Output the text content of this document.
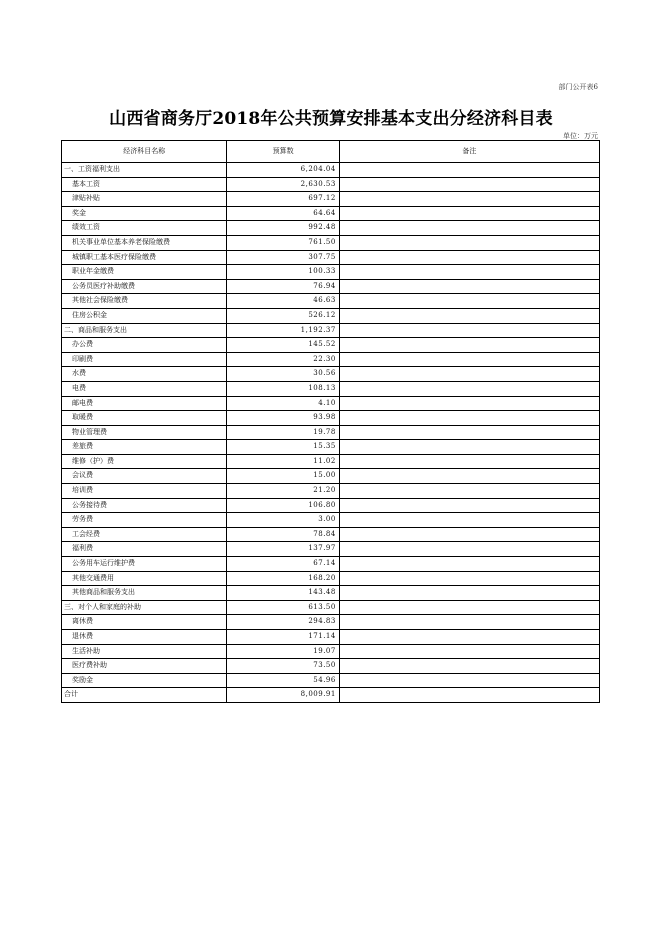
部门公开表6
山西省商务厅2018年公共预算安排基本支出分经济科目表
单位：万元
经济科目名称	预算数	备注
一、工资福利支出	6,204.04	
基本工资	2,630.53	
津贴补贴	697.12	
奖金	64.64	
绩效工资	992.48	
机关事业单位基本养老保险缴费	761.50	
城镇职工基本医疗保险缴费	307.75	
职业年金缴费	100.33	
公务员医疗补助缴费	76.94	
其他社会保险缴费	46.63	
住房公积金	526.12	
二、商品和服务支出	1,192.37	
办公费	145.52	
印刷费	22.30	
水费	30.56	
电费	108.13	
邮电费	4.10	
取暖费	93.98	
物业管理费	19.78	
差旅费	15.35	
维修（护）费	11.02	
会议费	15.00	
培训费	21.20	
公务接待费	106.80	
劳务费	3.00	
工会经费	78.84	
福利费	137.97	
公务用车运行维护费	67.14	
其他交通费用	168.20	
其他商品和服务支出	143.48	
三、对个人和家庭的补助	613.50	
离休费	294.83	
退休费	171.14	
生活补助	19.07	
医疗费补助	73.50	
奖励金	54.96	
合计	8,009.91	
